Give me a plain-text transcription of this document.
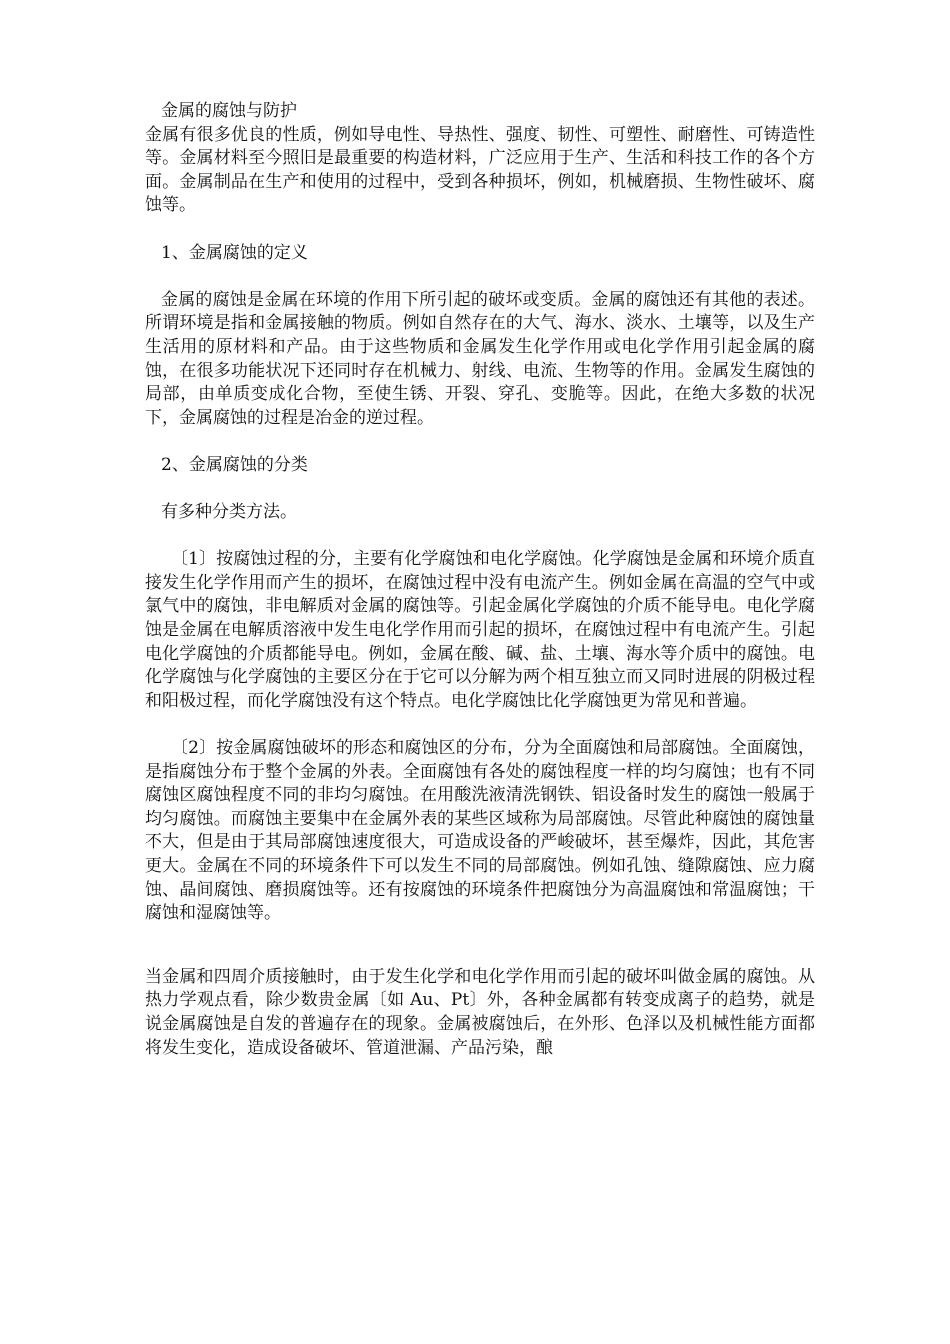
金属的腐蚀与防护

金属有很多优良的性质，例如导电性、导热性、强度、韧性、可塑性、耐磨性、可铸造性等。金属材料至今照旧是最重要的构造材料，广泛应用于生产、生活和科技工作的各个方面。金属制品在生产和使用的过程中，受到各种损坏，例如，机械磨损、生物性破坏、腐蚀等。

1、金属腐蚀的定义

金属的腐蚀是金属在环境的作用下所引起的破坏或变质。金属的腐蚀还有其他的表述。所谓环境是指和金属接触的物质。例如自然存在的大气、海水、淡水、土壤等，以及生产生活用的原材料和产品。由于这些物质和金属发生化学作用或电化学作用引起金属的腐蚀，在很多功能状况下还同时存在机械力、射线、电流、生物等的作用。金属发生腐蚀的局部，由单质变成化合物，至使生锈、开裂、穿孔、变脆等。因此，在绝大多数的状况下，金属腐蚀的过程是冶金的逆过程。

2、金属腐蚀的分类

有多种分类方法。

〔1〕按腐蚀过程的分，主要有化学腐蚀和电化学腐蚀。化学腐蚀是金属和环境介质直接发生化学作用而产生的损坏，在腐蚀过程中没有电流产生。例如金属在高温的空气中或氯气中的腐蚀，非电解质对金属的腐蚀等。引起金属化学腐蚀的介质不能导电。电化学腐蚀是金属在电解质溶液中发生电化学作用而引起的损坏，在腐蚀过程中有电流产生。引起电化学腐蚀的介质都能导电。例如，金属在酸、碱、盐、土壤、海水等介质中的腐蚀。电化学腐蚀与化学腐蚀的主要区分在于它可以分解为两个相互独立而又同时进展的阴极过程和阳极过程，而化学腐蚀没有这个特点。电化学腐蚀比化学腐蚀更为常见和普遍。

〔2〕按金属腐蚀破坏的形态和腐蚀区的分布，分为全面腐蚀和局部腐蚀。全面腐蚀，是指腐蚀分布于整个金属的外表。全面腐蚀有各处的腐蚀程度一样的均匀腐蚀；也有不同腐蚀区腐蚀程度不同的非均匀腐蚀。在用酸洗液清洗钢铁、铝设备时发生的腐蚀一般属于均匀腐蚀。而腐蚀主要集中在金属外表的某些区域称为局部腐蚀。尽管此种腐蚀的腐蚀量不大，但是由于其局部腐蚀速度很大，可造成设备的严峻破坏，甚至爆炸，因此，其危害更大。金属在不同的环境条件下可以发生不同的局部腐蚀。例如孔蚀、缝隙腐蚀、应力腐蚀、晶间腐蚀、磨损腐蚀等。还有按腐蚀的环境条件把腐蚀分为高温腐蚀和常温腐蚀；干腐蚀和湿腐蚀等。

当金属和四周介质接触时，由于发生化学和电化学作用而引起的破坏叫做金属的腐蚀。从热力学观点看，除少数贵金属〔如 Au、Pt〕外，各种金属都有转变成离子的趋势，就是说金属腐蚀是自发的普遍存在的现象。金属被腐蚀后，在外形、色泽以及机械性能方面都将发生变化，造成设备破坏、管道泄漏、产品污染，酿
